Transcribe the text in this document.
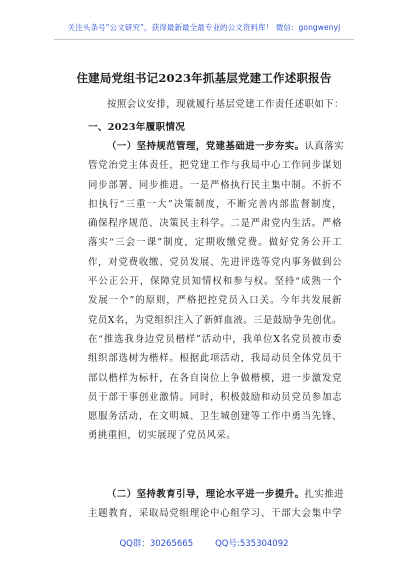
关注头条号“公文研究”，获得最新最全最专业的公文资料库！ 微信：gongwenyj
住建局党组书记2023年抓基层党建工作述职报告
按照会议安排，现就履行基层党建工作责任述职如下：
一、2023年履职情况
（一）坚持规范管理，党建基础进一步夯实。认真落实
管党治党主体责任，把党建工作与我局中心工作同步谋划
同步部署、同步推进。一是严格执行民主集中制。不折不
扣执行“三重一大”决策制度，不断完善内部监督制度，
确保程序规范、决策民主科学。二是严肃党内生活。严格
落实“三会一课”制度，定期收缴党费。做好党务公开工
作，对党费收缴、党员发展、先进评选等党内事务做到公
平公正公开，保障党员知情权和参与权。坚持“成熟一个
发展一个”的原则，严格把控党员入口关。今年共发展新
党员X名，为党组织注入了新鲜血液。三是鼓励争先创优。
在“推选我身边党员楷样”活动中，我单位X名党员被市委
组织部选树为楷样。根据此项活动，我局动员全体党员干
部以楷样为标杆，在各自岗位上争做楷模，进一步激发党
员干部干事创业激情。同时，积极鼓励和动员党员参加志
愿服务活动，在文明城、卫生城创建等工作中勇当先锋、
勇挑重担，切实展现了党员风采。
（二）坚持教育引导，理论水平进一步提升。扎实推进
主题教育，采取局党组理论中心组学习、干部大会集中学
QQ群：30265665	QQ号:535304092
